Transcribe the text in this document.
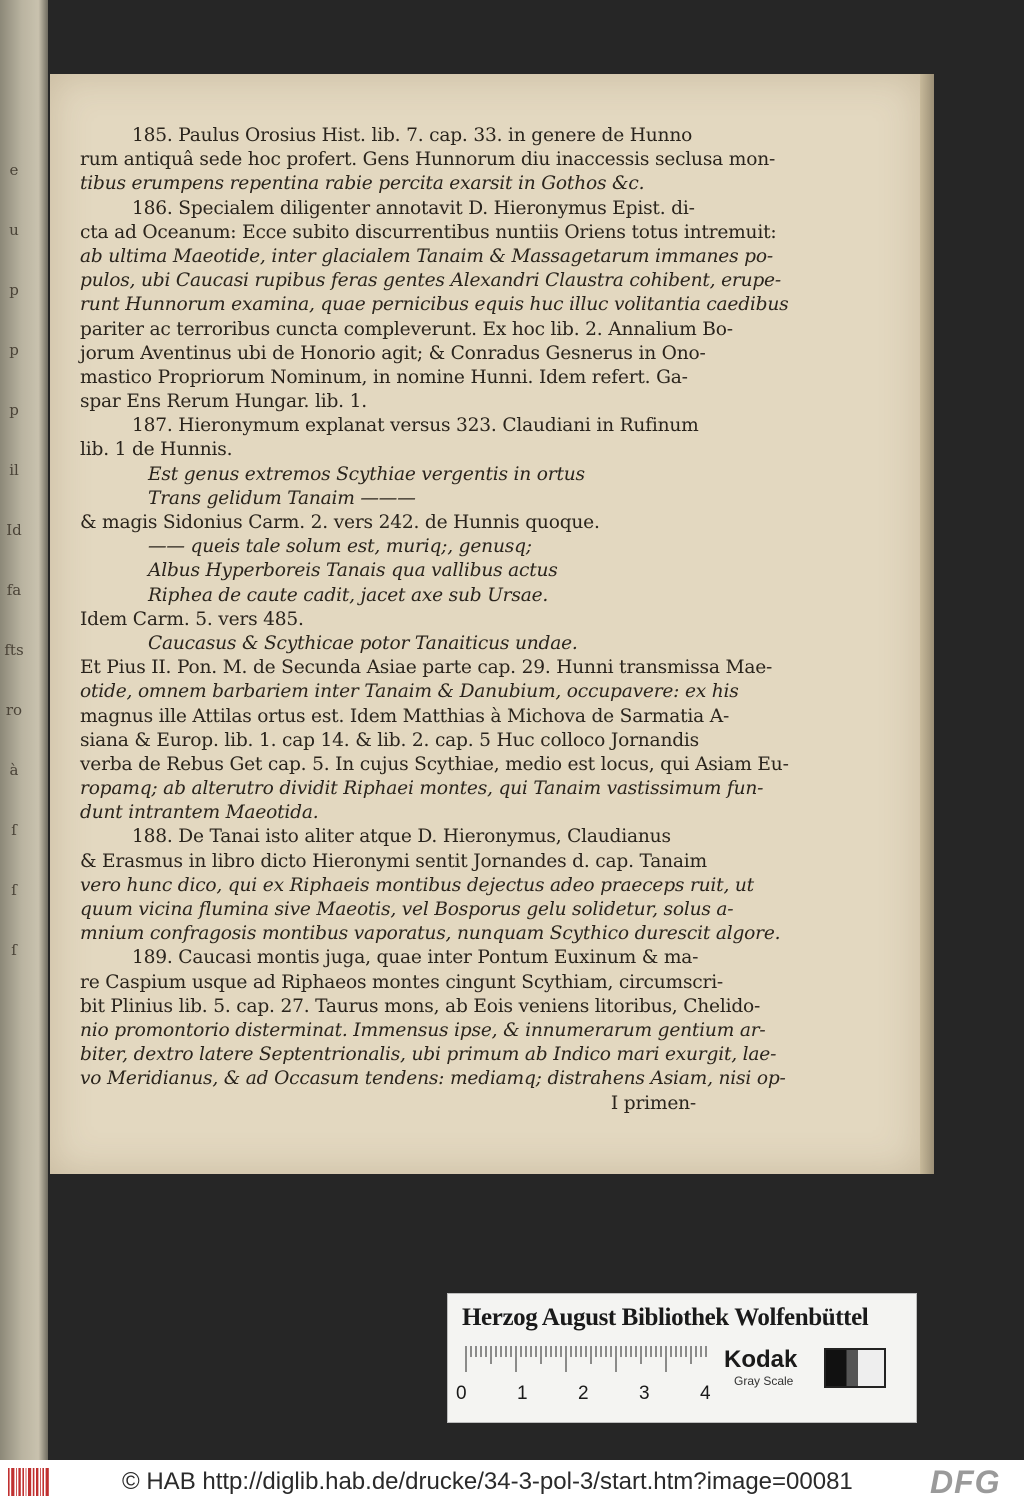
e
u
p
p
p
il
Id
fa
fts
ro
à
ſ
ſ
ſ
185. Paulus Orosius Hist. lib. 7. cap. 33. in genere de Hunno
rum antiquâ sede hoc profert. Gens Hunnorum diu inaccessis seclusa mon-
tibus erumpens repentina rabie percita exarsit in Gothos &c.
186. Specialem diligenter annotavit D. Hieronymus Epist. di-
cta ad Oceanum: Ecce subito discurrentibus nuntiis Oriens totus intremuit:
ab ultima Maeotide, inter glacialem Tanaim & Massagetarum immanes po-
pulos, ubi Caucasi rupibus feras gentes Alexandri Claustra cohibent, erupe-
runt Hunnorum examina, quae pernicibus equis huc illuc volitantia caedibus
pariter ac terroribus cuncta compleverunt. Ex hoc lib. 2. Annalium Bo-
jorum Aventinus ubi de Honorio agit; & Conradus Gesnerus in Ono-
mastico Propriorum Nominum, in nomine Hunni. Idem refert. Ga-
spar Ens Rerum Hungar. lib. 1.
187. Hieronymum explanat versus 323. Claudiani in Rufinum
lib. 1 de Hunnis.
Est genus extremos Scythiae vergentis in ortus
Trans gelidum Tanaim ———
& magis Sidonius Carm. 2. vers 242. de Hunnis quoque.
—— queis tale solum est, muriq;, genusq;
Albus Hyperboreis Tanais qua vallibus actus
Riphea de caute cadit, jacet axe sub Ursae.
Idem Carm. 5. vers 485.
Caucasus & Scythicae potor Tanaiticus undae.
Et Pius II. Pon. M. de Secunda Asiae parte cap. 29. Hunni transmissa Mae-
otide, omnem barbariem inter Tanaim & Danubium, occupavere: ex his
magnus ille Attilas ortus est. Idem Matthias à Michova de Sarmatia A-
siana & Europ. lib. 1. cap 14. & lib. 2. cap. 5 Huc colloco Jornandis
verba de Rebus Get cap. 5. In cujus Scythiae, medio est locus, qui Asiam Eu-
ropamq; ab alterutro dividit Riphaei montes, qui Tanaim vastissimum fun-
dunt intrantem Maeotida.
188. De Tanai isto aliter atque D. Hieronymus, Claudianus
& Erasmus in libro dicto Hieronymi sentit Jornandes d. cap. Tanaim
vero hunc dico, qui ex Riphaeis montibus dejectus adeo praeceps ruit, ut
quum vicina flumina sive Maeotis, vel Bosporus gelu solidetur, solus a-
mnium confragosis montibus vaporatus, nunquam Scythico durescit algore.
189. Caucasi montis juga, quae inter Pontum Euxinum & ma-
re Caspium usque ad Riphaeos montes cingunt Scythiam, circumscri-
bit Plinius lib. 5. cap. 27. Taurus mons, ab Eois veniens litoribus, Chelido-
nio promontorio disterminat. Immensus ipse, & innumerarum gentium ar-
biter, dextro latere Septentrionalis, ubi primum ab Indico mari exurgit, lae-
vo Meridianus, & ad Occasum tendens: mediamq; distrahens Asiam, nisi op-
I primen-
Herzog August Bibliothek Wolfenbüttel
0	1	2	3	4
Kodak
Gray Scale
© HAB http://diglib.hab.de/drucke/34-3-pol-3/start.htm?image=00081 DFG
